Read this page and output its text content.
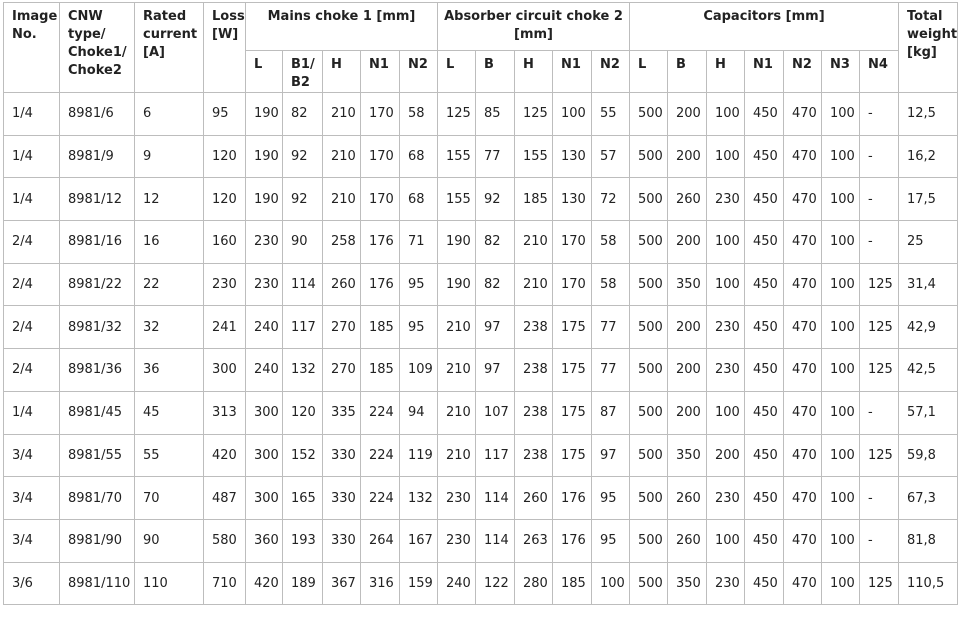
Image No.	CNW type/ Choke1/ Choke2	Rated current [A]	Loss [W]	Mains choke 1 [mm]					Absorber circuit choke 2 [mm]					Capacitors [mm]							Total weight [kg]
				L	B1/ B2	H	N1	N2	L	B	H	N1	N2	L	B	H	N1	N2	N3	N4	
1/4	8981/6	6	95	190	82	210	170	58	125	85	125	100	55	500	200	100	450	470	100	-	12,5
1/4	8981/9	9	120	190	92	210	170	68	155	77	155	130	57	500	200	100	450	470	100	-	16,2
1/4	8981/12	12	120	190	92	210	170	68	155	92	185	130	72	500	260	230	450	470	100	-	17,5
2/4	8981/16	16	160	230	90	258	176	71	190	82	210	170	58	500	200	100	450	470	100	-	25
2/4	8981/22	22	230	230	114	260	176	95	190	82	210	170	58	500	350	100	450	470	100	125	31,4
2/4	8981/32	32	241	240	117	270	185	95	210	97	238	175	77	500	200	230	450	470	100	125	42,9
2/4	8981/36	36	300	240	132	270	185	109	210	97	238	175	77	500	200	230	450	470	100	125	42,5
1/4	8981/45	45	313	300	120	335	224	94	210	107	238	175	87	500	200	100	450	470	100	-	57,1
3/4	8981/55	55	420	300	152	330	224	119	210	117	238	175	97	500	350	200	450	470	100	125	59,8
3/4	8981/70	70	487	300	165	330	224	132	230	114	260	176	95	500	260	230	450	470	100	-	67,3
3/4	8981/90	90	580	360	193	330	264	167	230	114	263	176	95	500	260	100	450	470	100	-	81,8
3/6	8981/110	110	710	420	189	367	316	159	240	122	280	185	100	500	350	230	450	470	100	125	110,5
